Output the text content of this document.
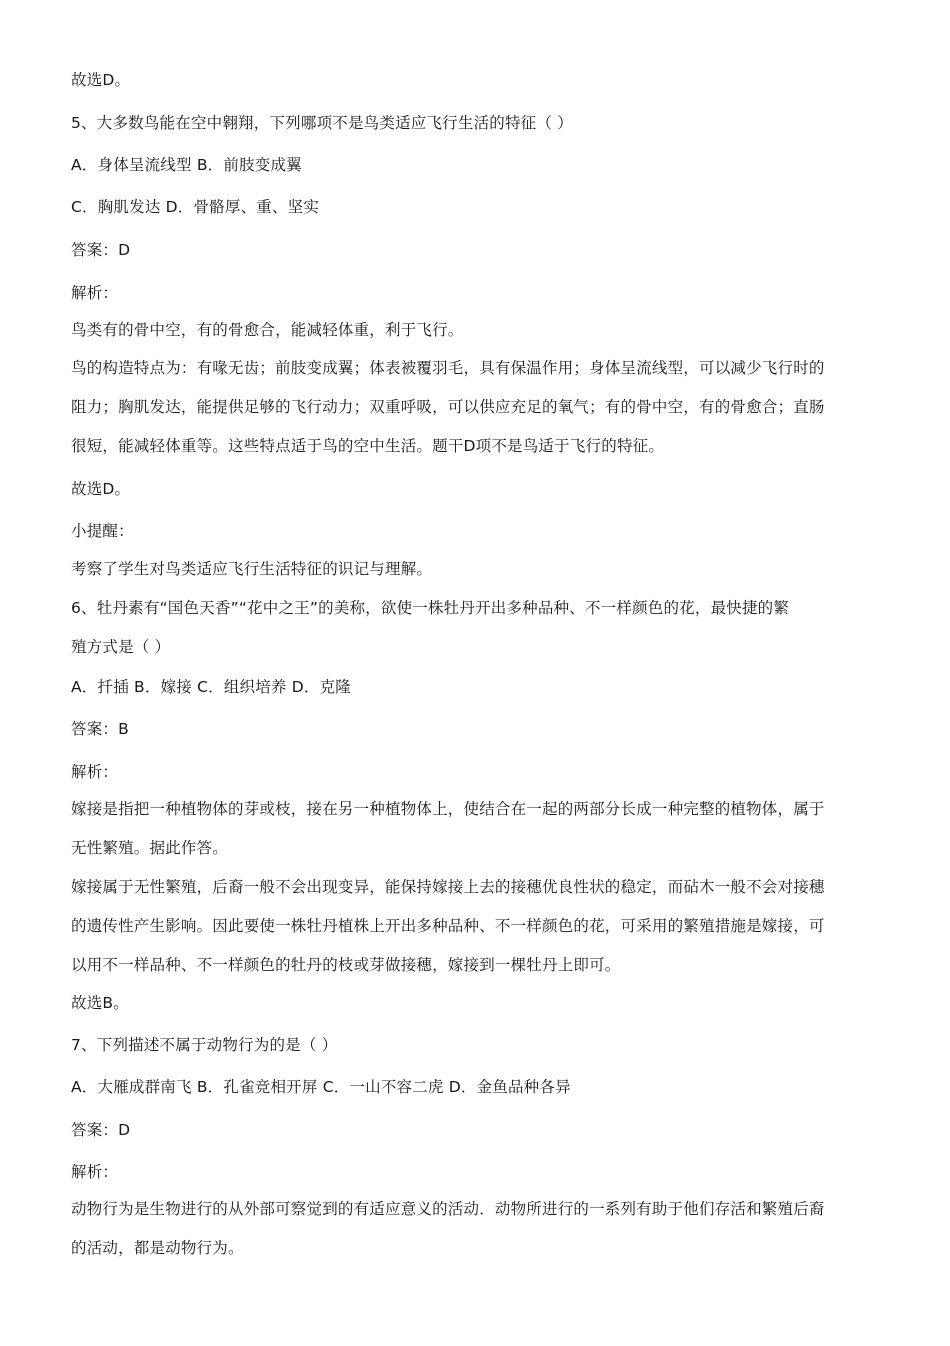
故选D。

5、大多数鸟能在空中翱翔，下列哪项不是鸟类适应飞行生活的特征（ ）

A．身体呈流线型 B．前肢变成翼

C．胸肌发达 D．骨骼厚、重、坚实

答案：D

解析：

鸟类有的骨中空，有的骨愈合，能减轻体重，利于飞行。

鸟的构造特点为：有喙无齿；前肢变成翼；体表被覆羽毛，具有保温作用；身体呈流线型，可以减少飞行时的

阻力；胸肌发达，能提供足够的飞行动力；双重呼吸，可以供应充足的氧气；有的骨中空，有的骨愈合；直肠

很短，能减轻体重等。这些特点适于鸟的空中生活。题干D项不是鸟适于飞行的特征。

故选D。

小提醒：

考察了学生对鸟类适应飞行生活特征的识记与理解。

6、牡丹素有“国色天香”“花中之王”的美称，欲使一株牡丹开出多种品种、不一样颜色的花，最快捷的繁

殖方式是（ ）

A．扦插 B．嫁接 C．组织培养 D．克隆

答案：B

解析：

嫁接是指把一种植物体的芽或枝，接在另一种植物体上，使结合在一起的两部分长成一种完整的植物体，属于

无性繁殖。据此作答。

嫁接属于无性繁殖，后裔一般不会出现变异，能保持嫁接上去的接穗优良性状的稳定，而砧木一般不会对接穗

的遗传性产生影响。因此要使一株牡丹植株上开出多种品种、不一样颜色的花，可采用的繁殖措施是嫁接，可

以用不一样品种、不一样颜色的牡丹的枝或芽做接穗，嫁接到一棵牡丹上即可。

故选B。

7、下列描述不属于动物行为的是（ ）

A．大雁成群南飞 B．孔雀竞相开屏 C．一山不容二虎 D．金鱼品种各异

答案：D

解析：

动物行为是生物进行的从外部可察觉到的有适应意义的活动．动物所进行的一系列有助于他们存活和繁殖后裔

的活动，都是动物行为。
